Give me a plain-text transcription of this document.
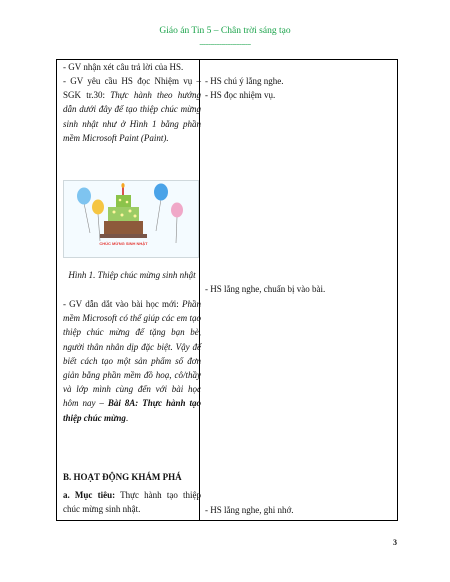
Giáo án Tin 5 – Chân trời sáng tạo
----------------------------
- GV nhận xét câu trả lời của HS.
- GV yêu cầu HS đọc Nhiệm vụ – SGK tr.30: Thực hành theo hướng dẫn dưới đây để tạo thiệp chúc mừng sinh nhật như ở Hình 1 bằng phần mềm Microsoft Paint (Paint).
CHÚC MỪNG SINH NHẬT
Hình 1. Thiệp chúc mừng sinh nhật
- GV dẫn dắt vào bài học mới: Phần mềm Microsoft có thể giúp các em tạo thiệp chúc mừng để tặng bạn bè, người thân nhân dịp đặc biệt. Vậy để biết cách tạo một sản phẩm số đơn giản bằng phần mềm đồ hoạ, cô/thầy và lớp mình cùng đến với bài học hôm nay – Bài 8A: Thực hành tạo thiệp chúc mừng.
B. HOẠT ĐỘNG KHÁM PHÁ
a. Mục tiêu: Thực hành tạo thiệp chúc mừng sinh nhật.
- HS chú ý lắng nghe.
- HS đọc nhiệm vụ.
- HS lắng nghe, chuẩn bị vào bài.
- HS lắng nghe, ghi nhớ.
3
